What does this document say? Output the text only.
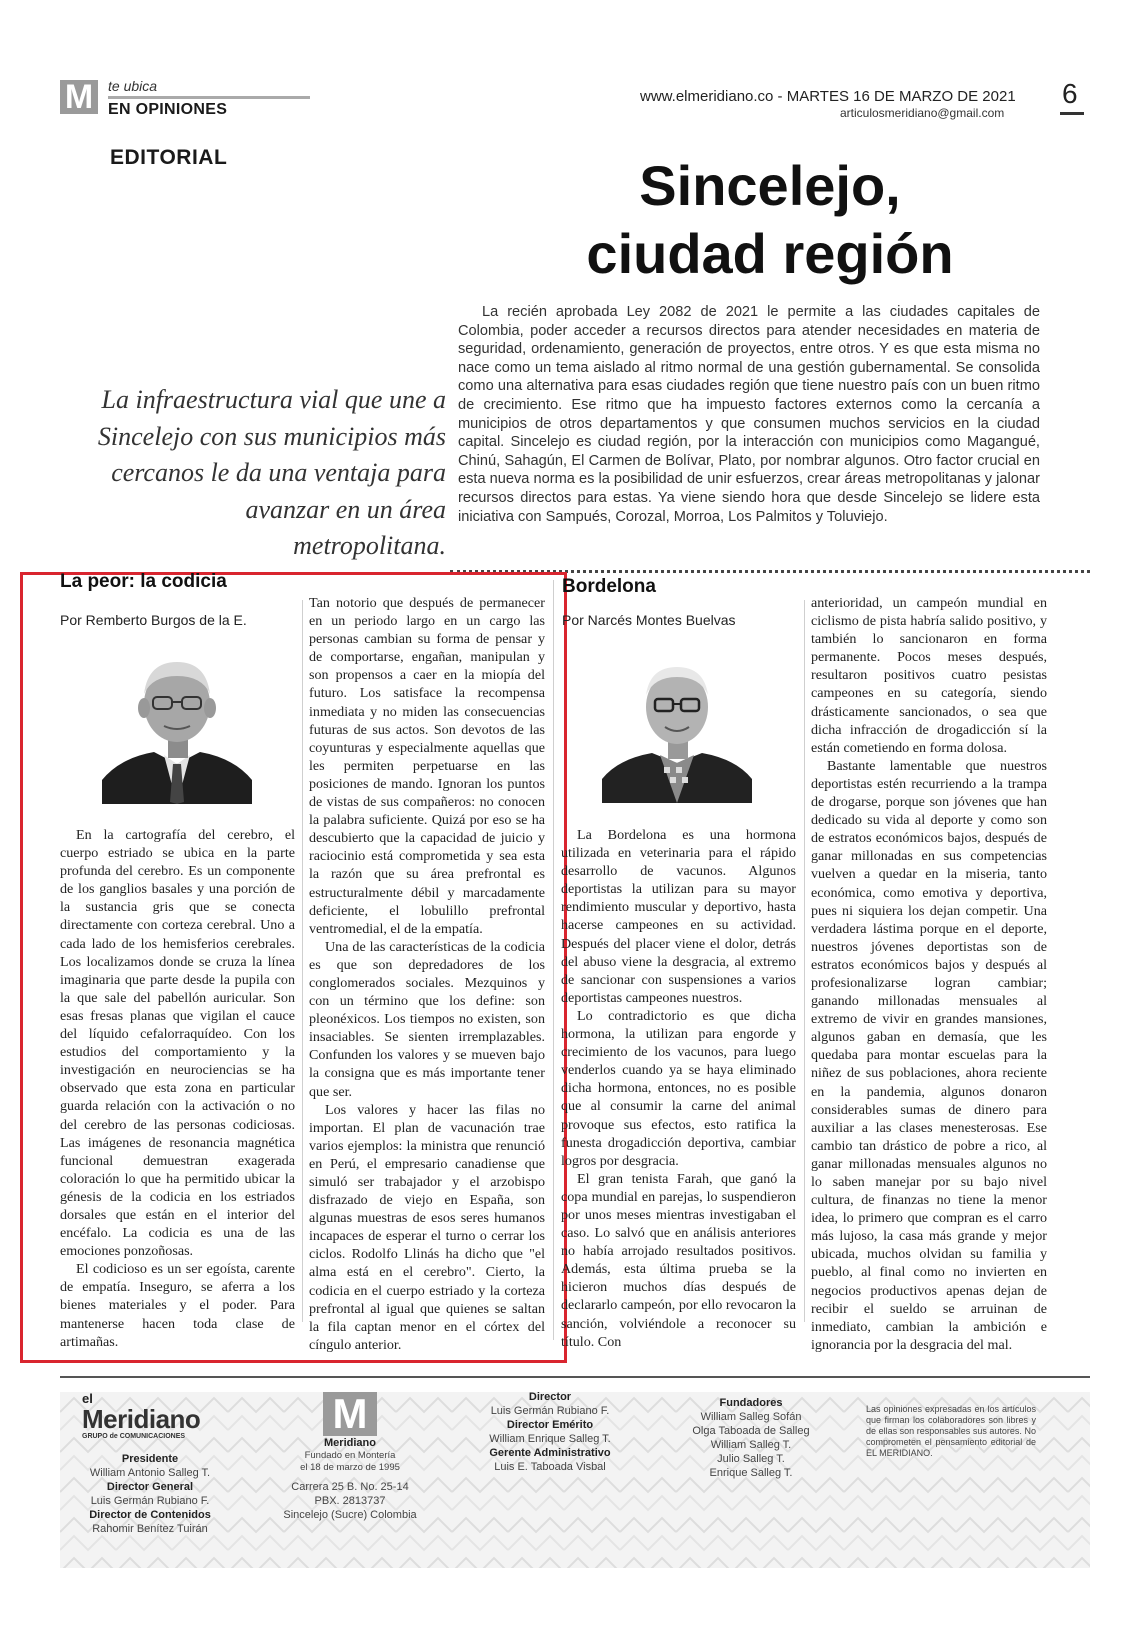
M	te ubica
EN OPINIONES
www.elmeridiano.co - MARTES 16 DE MARZO DE 2021
articulosmeridiano@gmail.com
6
EDITORIAL	Sincelejo,
ciudad región
La recién aprobada Ley 2082 de 2021 le permite a las ciudades capitales de Colombia, poder acceder a recursos directos para atender necesidades en materia de seguridad, ordenamiento, generación de proyectos, entre otros. Y es que esta misma no nace como un tema aislado al ritmo normal de una gestión gubernamental. Se consolida como una alternativa para esas ciudades región que tiene nuestro país con un buen ritmo de crecimiento. Ese ritmo que ha impuesto factores externos como la cercanía a municipios de otros departamentos y que consumen muchos servicios en la ciudad capital. Sincelejo es ciudad región, por la interacción con municipios como Magangué, Chinú, Sahagún, El Carmen de Bolívar, Plato, por nombrar algunos. Otro factor crucial en esta nueva norma es la posibilidad de unir esfuerzos, crear áreas metropolitanas y jalonar recursos directos para estas. Ya viene siendo hora que desde Sincelejo se lidere esta iniciativa con Sampués, Corozal, Morroa, Los Palmitos y Toluviejo.
La infraestructura vial que une a Sincelejo con sus municipios más cercanos le da una ventaja para avanzar en un área metropolitana.
La peor: la codicia
Por Remberto Burgos de la E.

En la cartografía del cerebro, el cuerpo estriado se ubica en la parte profunda del cerebro. Es un componente de los ganglios basales y una porción de la sustancia gris que se conecta directamente con corteza cerebral. Uno a cada lado de los hemisferios cerebrales. Los localizamos donde se cruza la línea imaginaria que parte desde la pupila con la que sale del pabellón auricular. Son esas fresas planas que vigilan el cauce del líquido cefalorraquídeo. Con los estudios del comportamiento y la investigación en neurociencias se ha observado que esta zona en particular guarda relación con la activación o no del cerebro de las personas codiciosas. Las imágenes de resonancia magnética funcional demuestran exagerada coloración lo que ha permitido ubicar la génesis de la codicia en los estriados dorsales que están en el interior del encéfalo. La codicia es una de las emociones ponzoñosas.

El codicioso es un ser egoísta, carente de empatía. Inseguro, se aferra a los bienes materiales y el poder. Para mantenerse hacen toda clase de artimañas.

Tan notorio que después de permanecer en un periodo largo en un cargo las personas cambian su forma de pensar y de comportarse, engañan, manipulan y son propensos a caer en la miopía del futuro. Los satisface la recompensa inmediata y no miden las consecuencias futuras de sus actos. Son devotos de las coyunturas y especialmente aquellas que les permiten perpetuarse en las posiciones de mando. Ignoran los puntos de vistas de sus compañeros: no conocen la palabra suficiente. Quizá por eso se ha descubierto que la capacidad de juicio y raciocinio está comprometida y sea esta la razón que su área prefrontal es estructuralmente débil y marcadamente deficiente, el lobulillo prefrontal ventromedial, el de la empatía.

Una de las características de la codicia es que son depredadores de los conglomerados sociales. Mezquinos y con un término que los define: son pleonéxicos. Los tiempos no existen, son insaciables. Se sienten irremplazables. Confunden los valores y se mueven bajo la consigna que es más importante tener que ser.

Los valores y hacer las filas no importan. El plan de vacunación trae varios ejemplos: la ministra que renunció en Perú, el empresario canadiense que simuló ser trabajador y el arzobispo disfrazado de viejo en España, son algunas muestras de esos seres humanos incapaces de esperar el turno o cerrar los ciclos. Rodolfo Llinás ha dicho que "el alma está en el cerebro". Cierto, la codicia en el cuerpo estriado y la corteza prefrontal al igual que quienes se saltan la fila captan menor en el córtex del cíngulo anterior.

Bordelona
Por Narcés Montes Buelvas

La Bordelona es una hormona utilizada en veterinaria para el rápido desarrollo de vacunos. Algunos deportistas la utilizan para su mayor rendimiento muscular y deportivo, hasta hacerse campeones en su actividad. Después del placer viene el dolor, detrás del abuso viene la desgracia, al extremo de sancionar con suspensiones a varios deportistas campeones nuestros.

Lo contradictorio es que dicha hormona, la utilizan para engorde y crecimiento de los vacunos, para luego venderlos cuando ya se haya eliminado dicha hormona, entonces, no es posible que al consumir la carne del animal provoque sus efectos, esto ratifica la funesta drogadicción deportiva, cambiar logros por desgracia.

El gran tenista Farah, que ganó la copa mundial en parejas, lo suspendieron por unos meses mientras investigaban el caso. Lo salvó que en análisis anteriores no había arrojado resultados positivos. Además, esta última prueba se la hicieron muchos días después de declararlo campeón, por ello revocaron la sanción, volviéndole a reconocer su título. Con

anterioridad, un campeón mundial en ciclismo de pista habría salido positivo, y también lo sancionaron en forma permanente. Pocos meses después, resultaron positivos cuatro pesistas campeones en su categoría, siendo drásticamente sancionados, o sea que dicha infracción de drogadicción sí la están cometiendo en forma dolosa.

Bastante lamentable que nuestros deportistas estén recurriendo a la trampa de drogarse, porque son jóvenes que han dedicado su vida al deporte y como son de estratos económicos bajos, después de ganar millonadas en sus competencias vuelven a quedar en la miseria, tanto económica, como emotiva y deportiva, pues ni siquiera los dejan competir. Una verdadera lástima porque en el deporte, nuestros jóvenes deportistas son de estratos económicos bajos y después al profesionalizarse logran cambiar; ganando millonadas mensuales al extremo de vivir en grandes mansiones, algunos gaban en demasía, que les quedaba para montar escuelas para la niñez de sus poblaciones, ahora reciente en la pandemia, algunos donaron considerables sumas de dinero para auxiliar a las clases menesterosas. Ese cambio tan drástico de pobre a rico, al ganar millonadas mensuales algunos no lo saben manejar por su bajo nivel cultura, de finanzas no tiene la menor idea, lo primero que compran es el carro más lujoso, la casa más grande y mejor ubicada, muchos olvidan su familia y pueblo, al final como no invierten en negocios productivos apenas dejan de recibir el sueldo se arruinan de inmediato, cambian la ambición e ignorancia por la desgracia del mal.

el
Meridiano
GRUPO de COMUNICACIONES
Presidente
William Antonio Salleg T.
Director General
Luis Germán Rubiano F.
Director de Contenidos
Rahomir Benítez Tuirán
M
Meridiano
Fundado en Montería
el 18 de marzo de 1995
Carrera 25 B. No. 25-14
PBX. 2813737
Sincelejo (Sucre) Colombia
Director
Luis Germán Rubiano F.
Director Emérito
William Enrique Salleg T.
Gerente Administrativo
Luis E. Taboada Visbal
Fundadores
William Salleg Sofán
Olga Taboada de Salleg
William Salleg T.
Julio Salleg T.
Enrique Salleg T.
Las opiniones expresadas en los artículos que firman los colaboradores son libres y de ellas son responsables sus autores. No comprometen el pensamiento editorial de EL MERIDIANO.
